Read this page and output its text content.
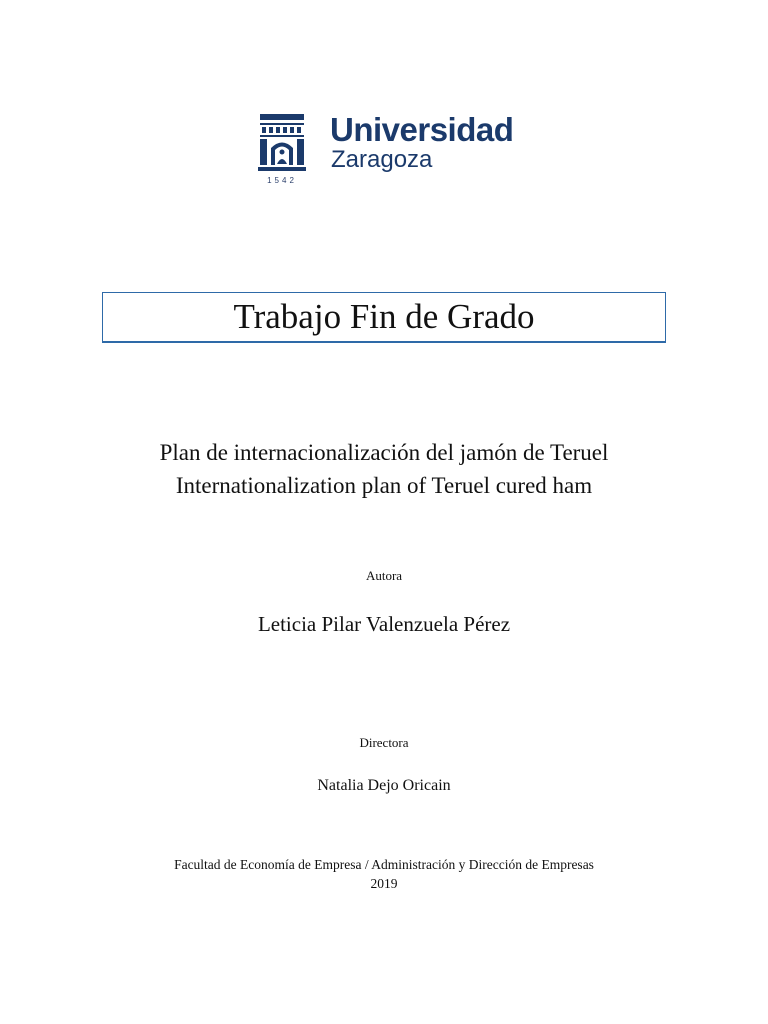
1542
Universidad
Zaragoza
Trabajo Fin de Grado
Plan de internacionalización del jamón de Teruel
Internationalization plan of Teruel cured ham
Autora
Leticia Pilar Valenzuela Pérez
Directora
Natalia Dejo Oricain
Facultad de Economía de Empresa / Administración y Dirección de Empresas
2019
